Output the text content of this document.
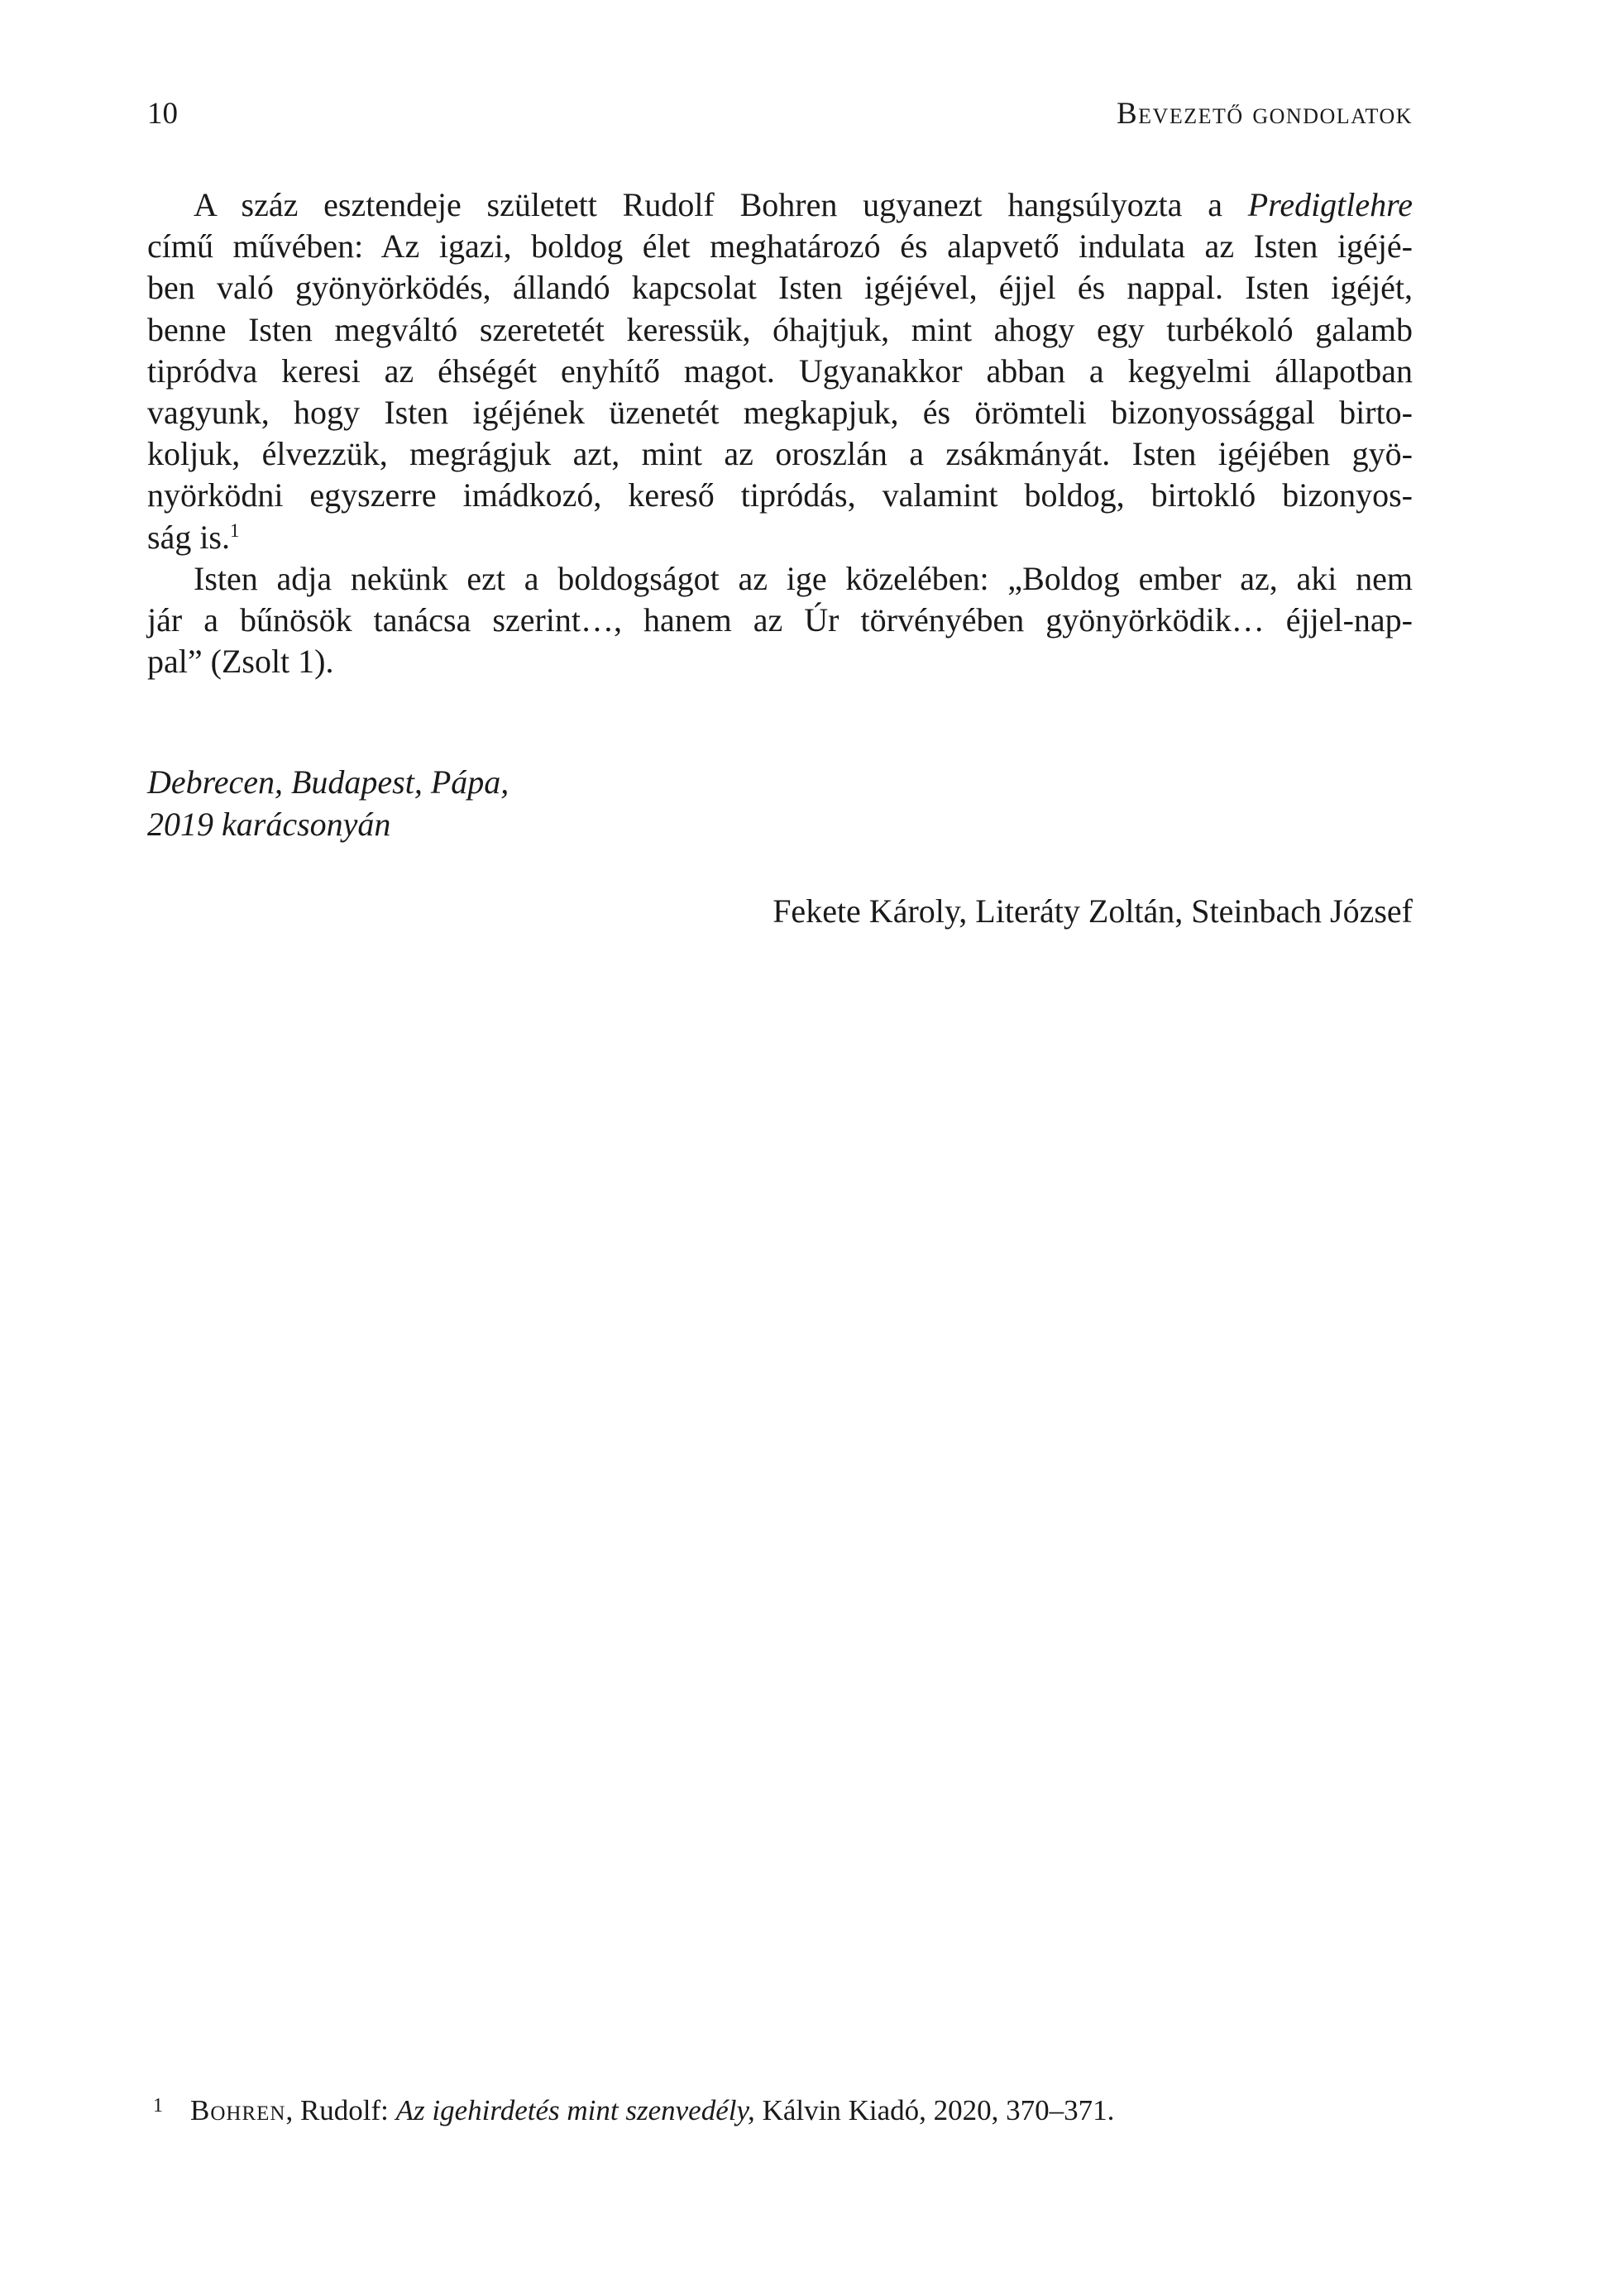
10	Bevezető gondolatok
A száz esztendeje született Rudolf Bohren ugyanezt hangsúlyozta a Predigtlehre
című művében: Az igazi, boldog élet meghatározó és alapvető indulata az Isten igéjé-
ben való gyönyörködés, állandó kapcsolat Isten igéjével, éjjel és nappal. Isten igéjét,
benne Isten megváltó szeretetét keressük, óhajtjuk, mint ahogy egy turbékoló galamb
tipródva keresi az éhségét enyhítő magot. Ugyanakkor abban a kegyelmi állapotban
vagyunk, hogy Isten igéjének üzenetét megkapjuk, és örömteli bizonyossággal birto-
koljuk, élvezzük, megrágjuk azt, mint az oroszlán a zsákmányát. Isten igéjében gyö-
nyörködni egyszerre imádkozó, kereső tipródás, valamint boldog, birtokló bizonyos-
ság is.$^1$
Isten adja nekünk ezt a boldogságot az ige közelében: „Boldog ember az, aki nem
jár a bűnösök tanácsa szerint…, hanem az Úr törvényében gyönyörködik… éjjel-nap-
pal” (Zsolt 1).
Debrecen, Budapest, Pápa,
2019 karácsonyán
Fekete Károly, Literáty Zoltán, Steinbach József
1 Bohren, Rudolf: Az igehirdetés mint szenvedély, Kálvin Kiadó, 2020, 370–371.
